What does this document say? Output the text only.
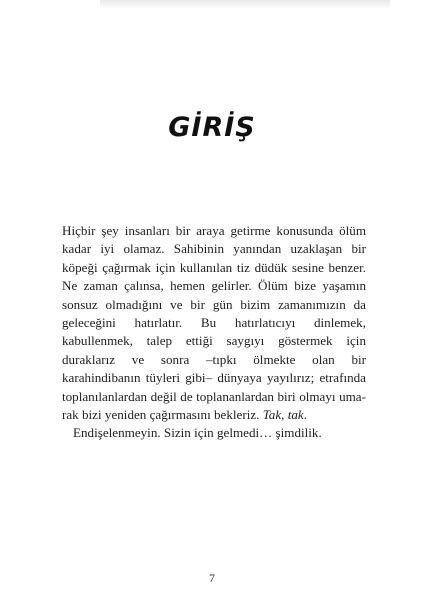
GİRİŞ

Hiçbir şey insanları bir araya getirme konusunda ölüm kadar iyi olamaz. Sahibinin yanından uzaklaşan bir köpeği çağırmak için kullanılan tiz düdük sesine benzer. Ne zaman çalınsa, hemen gelirler. Ölüm bize yaşamın sonsuz olmadığını ve bir gün bizim zamanımızın da geleceğini hatırlatır. Bu hatırlatıcıyı dinlemek, kabullenmek, talep ettiği saygıyı göstermek için duraklarız ve sonra –tıpkı ölmekte olan bir karahindibanın tüyleri gibi– dünyaya yayılırız; etrafında toplanılanlardan değil de toplananlardan biri olmayı umarak bizi yeniden çağırmasını bekleriz. Tak, tak.

Endişelenmeyin. Sizin için gelmedi… şimdilik.

7
